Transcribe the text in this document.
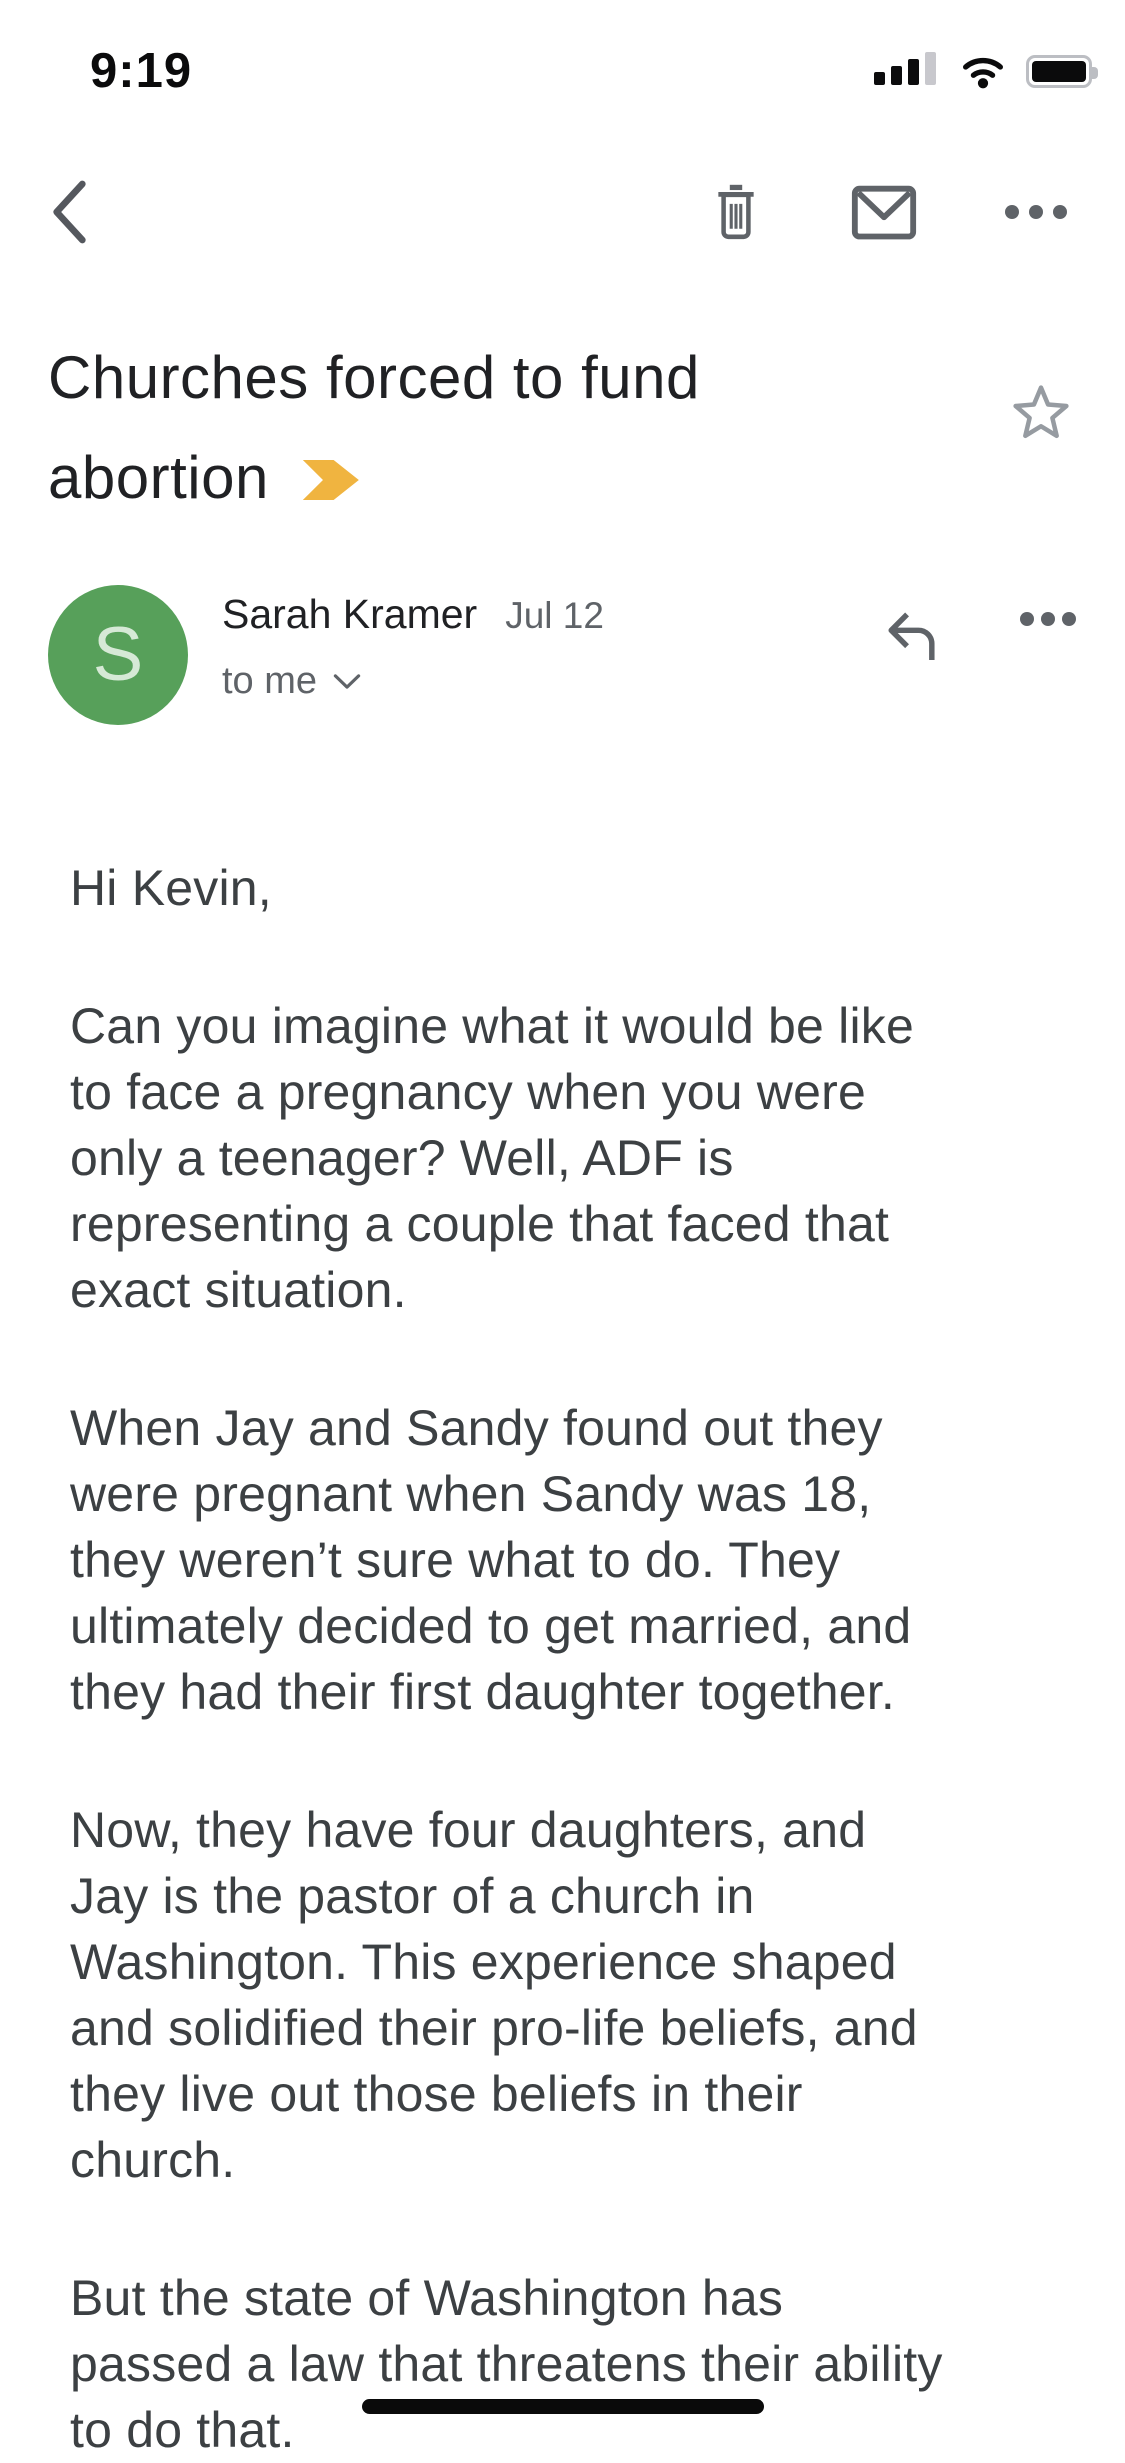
9:19
Churches forced to fund
abortion
S Sarah Kramer Jul 12
to me

Hi Kevin,

Can you imagine what it would be like to face a pregnancy when you were only a teenager? Well, ADF is representing a couple that faced that exact situation.

When Jay and Sandy found out they were pregnant when Sandy was 18, they weren’t sure what to do. They ultimately decided to get married, and they had their first daughter together.

Now, they have four daughters, and Jay is the pastor of a church in Washington. This experience shaped and solidified their pro-life beliefs, and they live out those beliefs in their church.

But the state of Washington has passed a law that threatens their ability to do that.
